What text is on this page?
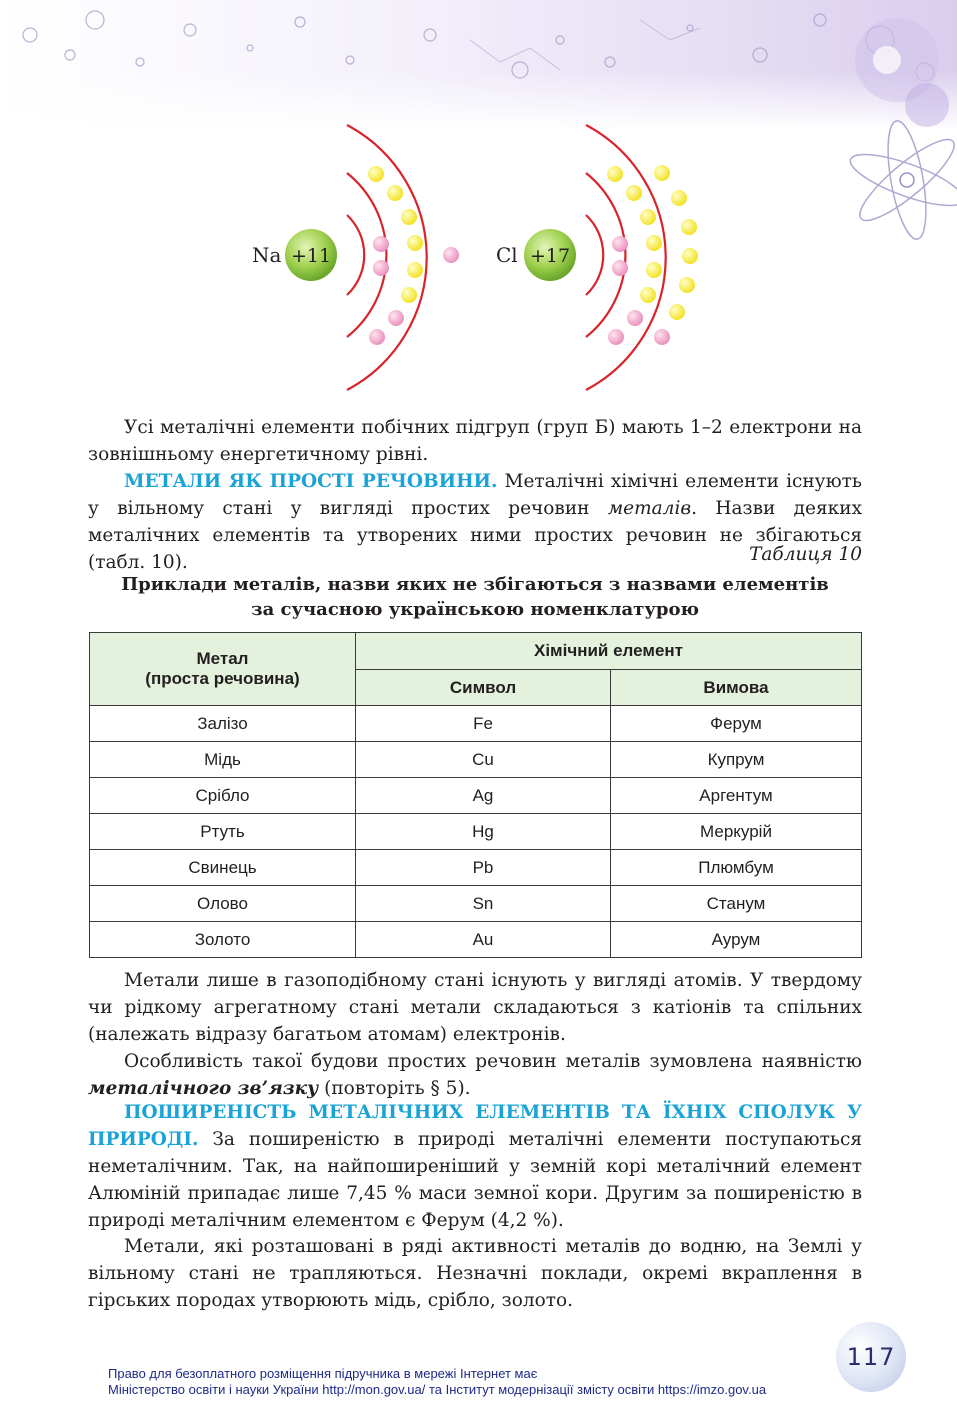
Na +11	Cl +17

Усі металічні елементи побічних підгруп (груп Б) мають 1–2 електрони на зовнішньому енергетичному рівні.

МЕТАЛИ ЯК ПРОСТІ РЕЧОВИНИ. Металічні хімічні елементи існують у вільному стані у вигляді простих речовин металів. Назви деяких металічних елементів та утворених ними простих речовин не збігаються (табл. 10).	Таблиця 10
Приклади металів, назви яких не збігаються з назвами елементів
за сучасною українською номенклатурою
Метал
(проста речовина)	Хімічний елемент	
	Символ	Вимова
Залізо	Fe	Ферум
Мідь	Cu	Купрум
Срібло	Ag	Аргентум
Ртуть	Hg	Меркурій
Свинець	Pb	Плюмбум
Олово	Sn	Станум
Золото	Au	Аурум

Метали лише в газоподібному стані існують у вигляді атомів. У твердому чи рідкому агрегатному стані метали складаються з катіонів та спільних (належать відразу багатьом атомам) електронів.

Особливість такої будови простих речовин металів зумовлена наявністю металічного зв’язку (повторіть § 5).

ПОШИРЕНІСТЬ МЕТАЛІЧНИХ ЕЛЕМЕНТІВ ТА ЇХНІХ СПОЛУК У ПРИРОДІ. За поширеністю в природі металічні елементи поступаються неметалічним. Так, на найпоширеніший у земній корі металічний елемент Алюміній припадає лише 7,45 % маси земної кори. Другим за поширеністю в природі металічним елементом є Ферум (4,2 %).

Метали, які розташовані в ряді активності металів до водню, на Землі у вільному стані не трапляються. Незначні поклади, окремі вкраплення в гірських породах утворюють мідь, срібло, золото.

117
Право для безоплатного розміщення підручника в мережі Інтернет має
Міністерство освіти і науки України http://mon.gov.ua/ та Інститут модернізації змісту освіти https://imzo.gov.ua
